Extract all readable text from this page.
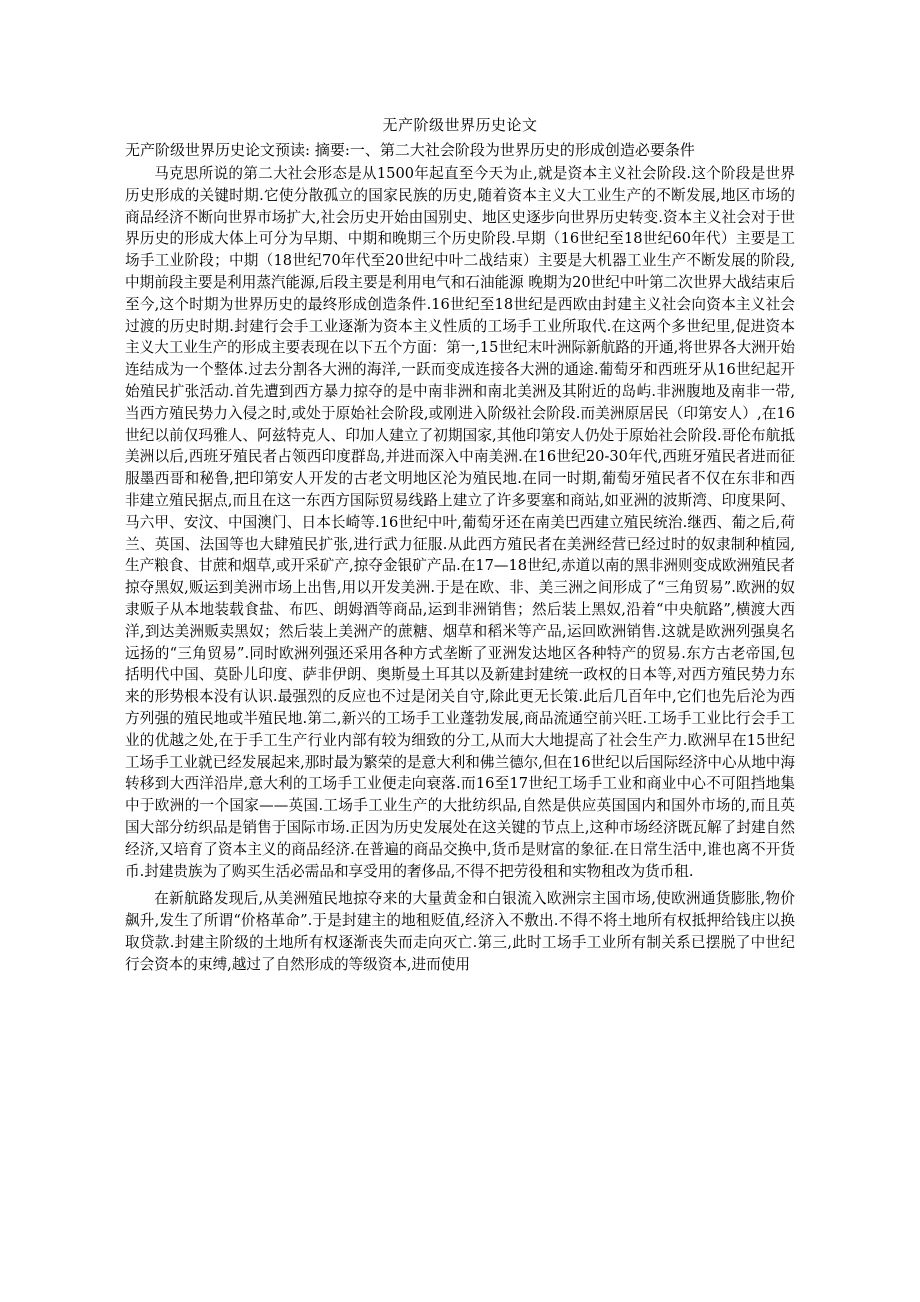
无产阶级世界历史论文
无产阶级世界历史论文预读: 摘要:一、第二大社会阶段为世界历史的形成创造必要条件

马克思所说的第二大社会形态是从1500年起直至今天为止,就是资本主义社会阶段.这个阶段是世界历史形成的关键时期.它使分散孤立的国家民族的历史,随着资本主义大工业生产的不断发展,地区市场的商品经济不断向世界市场扩大,社会历史开始由国别史、地区史逐步向世界历史转变.资本主义社会对于世界历史的形成大体上可分为早期、中期和晚期三个历史阶段.早期（16世纪至18世纪60年代）主要是工场手工业阶段；中期（18世纪70年代至20世纪中叶二战结束）主要是大机器工业生产不断发展的阶段,中期前段主要是利用蒸汽能源,后段主要是利用电气和石油能源 晚期为20世纪中叶第二次世界大战结束后至今,这个时期为世界历史的最终形成创造条件.16世纪至18世纪是西欧由封建主义社会向资本主义社会过渡的历史时期.封建行会手工业逐渐为资本主义性质的工场手工业所取代.在这两个多世纪里,促进资本主义大工业生产的形成主要表现在以下五个方面：第一,15世纪末叶洲际新航路的开通,将世界各大洲开始连结成为一个整体.过去分割各大洲的海洋,一跃而变成连接各大洲的通途.葡萄牙和西班牙从16世纪起开始殖民扩张活动.首先遭到西方暴力掠夺的是中南非洲和南北美洲及其附近的岛屿.非洲腹地及南非一带,当西方殖民势力入侵之时,或处于原始社会阶段,或刚进入阶级社会阶段.而美洲原居民（印第安人）,在16世纪以前仅玛雅人、阿兹特克人、印加人建立了初期国家,其他印第安人仍处于原始社会阶段.哥伦布航抵美洲以后,西班牙殖民者占领西印度群岛,并进而深入中南美洲.在16世纪20-30年代,西班牙殖民者进而征服墨西哥和秘鲁,把印第安人开发的古老文明地区沦为殖民地.在同一时期,葡萄牙殖民者不仅在东非和西非建立殖民据点,而且在这一东西方国际贸易线路上建立了许多要塞和商站,如亚洲的波斯湾、印度果阿、马六甲、安汶、中国澳门、日本长崎等.16世纪中叶,葡萄牙还在南美巴西建立殖民统治.继西、葡之后,荷兰、英国、法国等也大肆殖民扩张,进行武力征服.从此西方殖民者在美洲经营已经过时的奴隶制种植园,生产粮食、甘蔗和烟草,或开采矿产,掠夺金银矿产品.在17—18世纪,赤道以南的黑非洲则变成欧洲殖民者掠夺黑奴,贩运到美洲市场上出售,用以开发美洲.于是在欧、非、美三洲之间形成了“三角贸易”.欧洲的奴隶贩子从本地装载食盐、布匹、朗姆酒等商品,运到非洲销售；然后装上黑奴,沿着“中央航路”,横渡大西洋,到达美洲贩卖黑奴；然后装上美洲产的蔗糖、烟草和稻米等产品,运回欧洲销售.这就是欧洲列强臭名远扬的“三角贸易”.同时欧洲列强还采用各种方式垄断了亚洲发达地区各种特产的贸易.东方古老帝国,包括明代中国、莫卧儿印度、萨非伊朗、奥斯曼土耳其以及新建封建统一政权的日本等,对西方殖民势力东来的形势根本没有认识.最强烈的反应也不过是闭关自守,除此更无长策.此后几百年中,它们也先后沦为西方列强的殖民地或半殖民地.第二,新兴的工场手工业蓬勃发展,商品流通空前兴旺.工场手工业比行会手工业的优越之处,在于手工生产行业内部有较为细致的分工,从而大大地提高了社会生产力.欧洲早在15世纪工场手工业就已经发展起来,那时最为繁荣的是意大利和佛兰德尔,但在16世纪以后国际经济中心从地中海转移到大西洋沿岸,意大利的工场手工业便走向衰落.而16至17世纪工场手工业和商业中心不可阻挡地集中于欧洲的一个国家——英国.工场手工业生产的大批纺织品,自然是供应英国国内和国外市场的,而且英国大部分纺织品是销售于国际市场.正因为历史发展处在这关键的节点上,这种市场经济既瓦解了封建自然经济,又培育了资本主义的商品经济.在普遍的商品交换中,货币是财富的象征.在日常生活中,谁也离不开货币.封建贵族为了购买生活必需品和享受用的奢侈品,不得不把劳役租和实物租改为货币租.

在新航路发现后,从美洲殖民地掠夺来的大量黄金和白银流入欧洲宗主国市场,使欧洲通货膨胀,物价飙升,发生了所谓“价格革命”.于是封建主的地租贬值,经济入不敷出.不得不将土地所有权抵押给钱庄以换取贷款.封建主阶级的土地所有权逐渐丧失而走向灭亡.第三,此时工场手工业所有制关系已摆脱了中世纪行会资本的束缚,越过了自然形成的等级资本,进而使用
